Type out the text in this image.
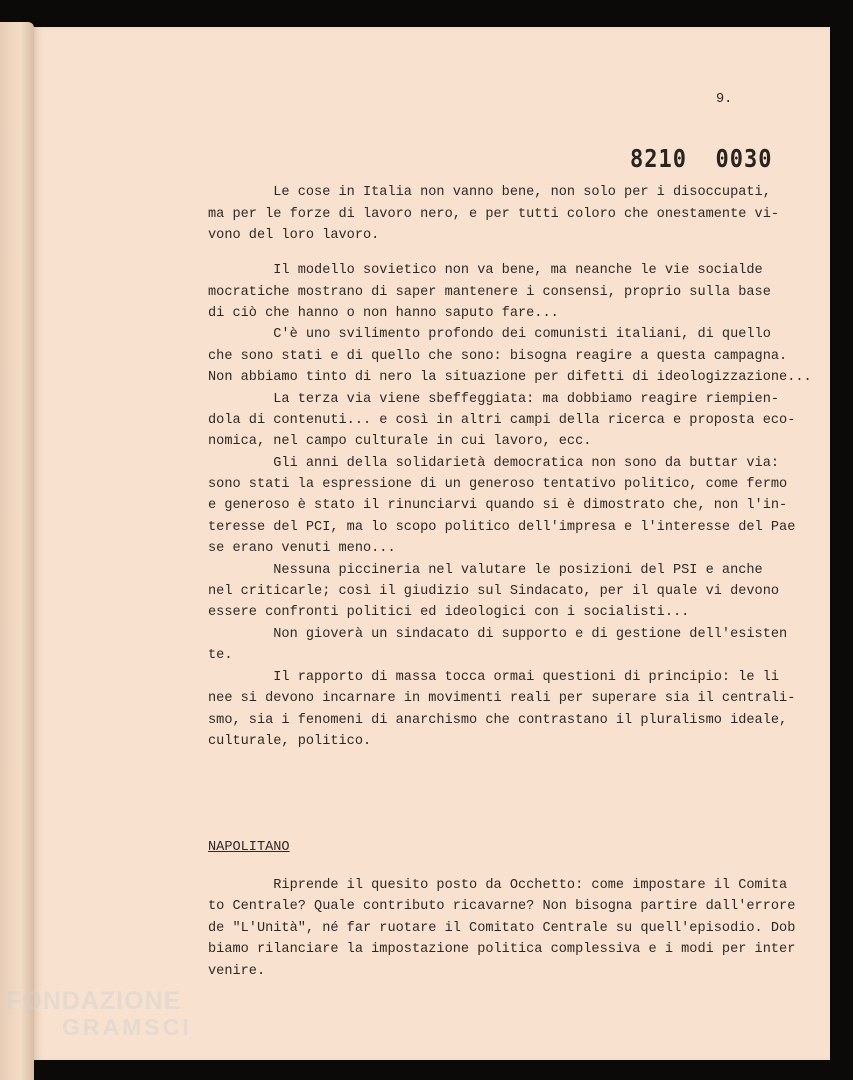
9.
8210  0030
Le cose in Italia non vanno bene, non solo per i disoccupati,
ma per le forze di lavoro nero, e per tutti coloro che onestamente vi-
vono del loro lavoro.
Il modello sovietico non va bene, ma neanche le vie socialde
mocratiche mostrano di saper mantenere i consensi, proprio sulla base
di ciò che hanno o non hanno saputo fare...
C'è uno svilimento profondo dei comunisti italiani, di quello
che sono stati e di quello che sono: bisogna reagire a questa campagna.
Non abbiamo tinto di nero la situazione per difetti di ideologizzazione...
La terza via viene sbeffeggiata: ma dobbiamo reagire riempien-
dola di contenuti... e così in altri campi della ricerca e proposta eco-
nomica, nel campo culturale in cui lavoro, ecc.
Gli anni della solidarietà democratica non sono da buttar via:
sono stati la espressione di un generoso tentativo politico, come fermo
e generoso è stato il rinunciarvi quando si è dimostrato che, non l'in-
teresse del PCI, ma lo scopo politico dell'impresa e l'interesse del Pae
se erano venuti meno...
Nessuna piccineria nel valutare le posizioni del PSI e anche
nel criticarle; così il giudizio sul Sindacato, per il quale vi devono
essere confronti politici ed ideologici con i socialisti...
Non gioverà un sindacato di supporto e di gestione dell'esisten
te.
Il rapporto di massa tocca ormai questioni di principio: le li
nee si devono incarnare in movimenti reali per superare sia il centrali-
smo, sia i fenomeni di anarchismo che contrastano il pluralismo ideale,
culturale, politico.
NAPOLITANO
Riprende il quesito posto da Occhetto: come impostare il Comita
to Centrale? Quale contributo ricavarne? Non bisogna partire dall'errore
de "L'Unità", né far ruotare il Comitato Centrale su quell'episodio. Dob
biamo rilanciare la impostazione politica complessiva e i modi per inter
venire.
FONDAZIONE
GRAMSCI
